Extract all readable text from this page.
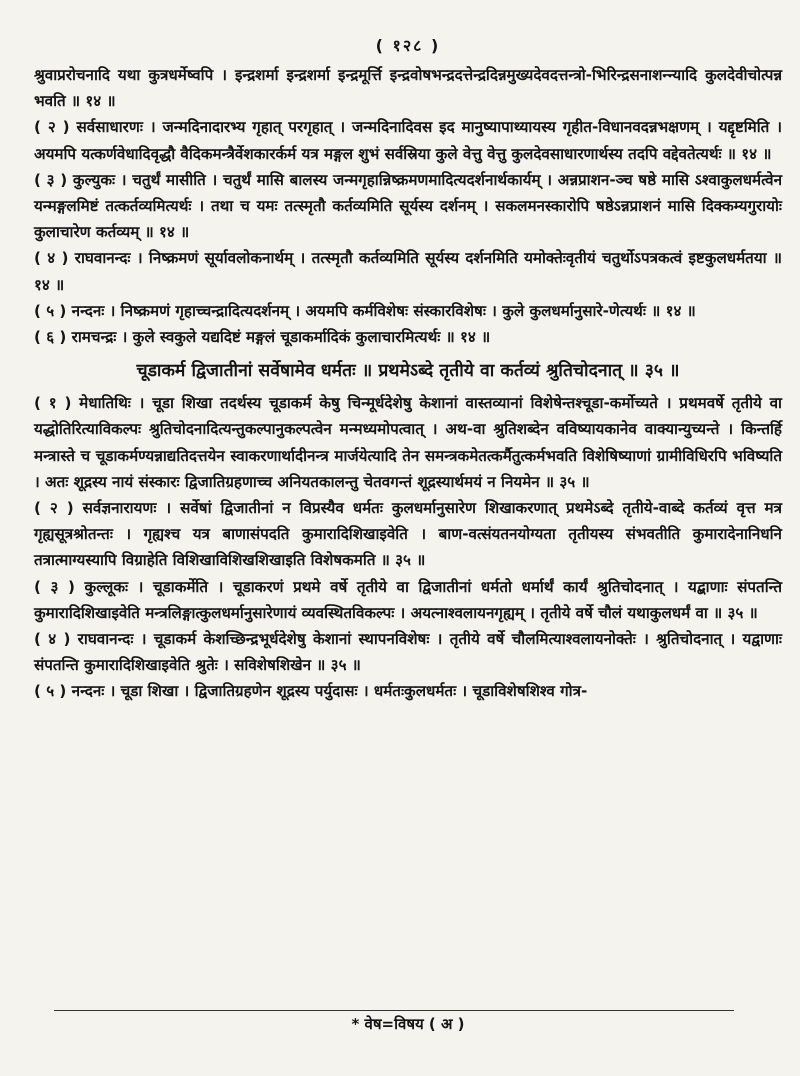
( १२८ )

श्रुवाप्ररोचनादि यथा कुत्रधर्मेष्वपि । इन्द्रशर्मा इन्द्रशर्मा इन्द्रमूर्त्ति इन्द्रवोषभन्द्रदत्तेन्द्रदिन्नमुख्यदेवदत्तन्त्रो-भिरिन्द्रसनाशन्न्यादि कुलदेवीचोत्पन्न भवति ॥ १४ ॥

( २ ) सर्वसाधारणः । जन्मदिनादारभ्य गृहात् परगृहात् । जन्मदिनादिवस इद मानुष्यापाथ्यायस्य गृहीत-विधानवदन्नभक्षणम् । यद्दृष्टमिति । अयमपि यत्कर्णवेधादिवृद्धौ वैदिकमन्त्रैर्वेशकारर्कर्म यत्र मङ्गल शुभं सर्वस्रिया कुले वेत्तु वेत्तु कुलदेवसाधारणार्थस्य तदपि वद्देवतेत्यर्थः ॥ १४ ॥

( ३ ) कुल्युकः । चतुर्थं मासीति । चतुर्थं मासि बालस्य जन्मगृहान्निष्क्रमणमादित्यदर्शनार्थकार्यम् । अन्नप्राशन-ञ्च षष्ठे मासि ऽश्वाकुलधर्मत्वेन यन्मङ्गलमिष्टं तत्कर्तव्यमित्यर्थः । तथा च यमः तत्स्मृतौ कर्तव्यमिति सूर्यस्य दर्शनम् । सकलमनस्कारोपि षष्ठेऽन्नप्राशनं मासि दिक्कम्यगुरायोः कुलाचारेण कर्तव्यम् ॥ १४ ॥

( ४ ) राघवानन्दः । निष्क्रमणं सूर्यावलोकनार्थम् । तत्स्मृतौ कर्तव्यमिति सूर्यस्य दर्शनमिति यमोक्तेःवृतीयं चतुर्थोऽपत्रकत्वं इष्टकुलधर्मतया ॥ १४ ॥

( ५ ) नन्दनः । निष्क्रमणं गृहाच्चन्द्रादित्यदर्शनम् । अयमपि कर्मविशेषः संस्कारविशेषः । कुले कुलधर्मानुसारे-णेत्यर्थः ॥ १४ ॥

( ६ ) रामचन्द्रः । कुले स्वकुले यद्यदिष्टं मङ्गलं चूडाकर्मादिकं कुलाचारमित्यर्थः ॥ १४ ॥

चूडाकर्म द्विजातीनां सर्वेषामेव धर्मतः ॥ प्रथमेऽब्दे तृतीये वा कर्तव्यं श्रुतिचोदनात् ॥ ३५ ॥

( १ ) मेधातिथिः । चूडा शिखा तदर्थस्य चूडाकर्म केषु चिन्मूर्धदेशेषु केशानां वास्तव्यानां विशेषेन्तश्चूडा-कर्मोच्यते । प्रथमवर्षे तृतीये वा यद्धोतिरित्याविकल्पः श्रुतिचोदनादित्यन्तुकल्पानुकल्पत्वेन मन्मध्यमोपत्वात् । अथ-वा श्रुतिशब्देन वविष्यायकानेव वाक्यान्युच्यन्ते । किन्तर्हि मन्त्रास्ते च चूडाकर्मण्यन्नाद्यतिदत्तयेन स्वाकरणार्थादीनन्त्र मार्जयेत्यादि तेन समन्त्रकमेतत्कर्मैतुत्कर्मभवति विशेषिष्याणां ग्रामीविधिरपि भविष्यति । अतः शूद्रस्य नायं संस्कारः द्विजातिग्रहणाच्च अनियतकालन्तु चेतवगन्तं शूद्रस्यार्थमयं न नियमेन ॥ ३५ ॥

( २ ) सर्वज्ञनारायणः । सर्वेषां द्विजातीनां न विप्रस्यैव धर्मतः कुलधर्मानुसारेण शिखाकरणात् प्रथमेऽब्दे तृतीये-वाब्दे कर्तव्यं वृत्त मत्र गृह्यसूत्रश्रोतन्तः । गृह्यश्च यत्र बाणासंपदति कुमारादिशिखाइवेति । बाण-वत्संयतनयोग्यता तृतीयस्य संभवतीति कुमारादेनानिधनि तत्रात्माग्यस्यापि विग्राहेति विशिखाविशिखशिखाइति विशेषकमति ॥ ३५ ॥

( ३ ) कुल्लूकः । चूडाकर्मेति । चूडाकरणं प्रथमे वर्षे तृतीये वा द्विजातीनां धर्मतो धर्मार्थं कार्यं श्रुतिचोदनात् । यद्बाणाः संपतन्ति कुमारादिशिखाइवेति मन्त्रलिङ्गात्कुलधर्मानुसारेणायं व्यवस्थितविकल्पः । अयत्नाश्वलायनगृह्यम् । तृतीये वर्षे चौलं यथाकुलधर्मं वा ॥ ३५ ॥

( ४ ) राघवानन्दः । चूडाकर्म केशच्छिन्द्रभूर्धदेशेषु केशानां स्थापनविशेषः । तृतीये वर्षे चौलमित्याश्वलायनोक्तेः । श्रुतिचोदनात् । यद्वाणाः संपतन्ति कुमारादिशिखाइवेति श्रुतेः । सविशेषशिखेन ॥ ३५ ॥

( ५ ) नन्दनः । चूडा शिखा । द्विजातिग्रहणेन शूद्रस्य पर्युदासः । धर्मतःकुलधर्मतः । चूडाविशेषशिश्व गोत्र-

* वेष=विषय ( अ )
